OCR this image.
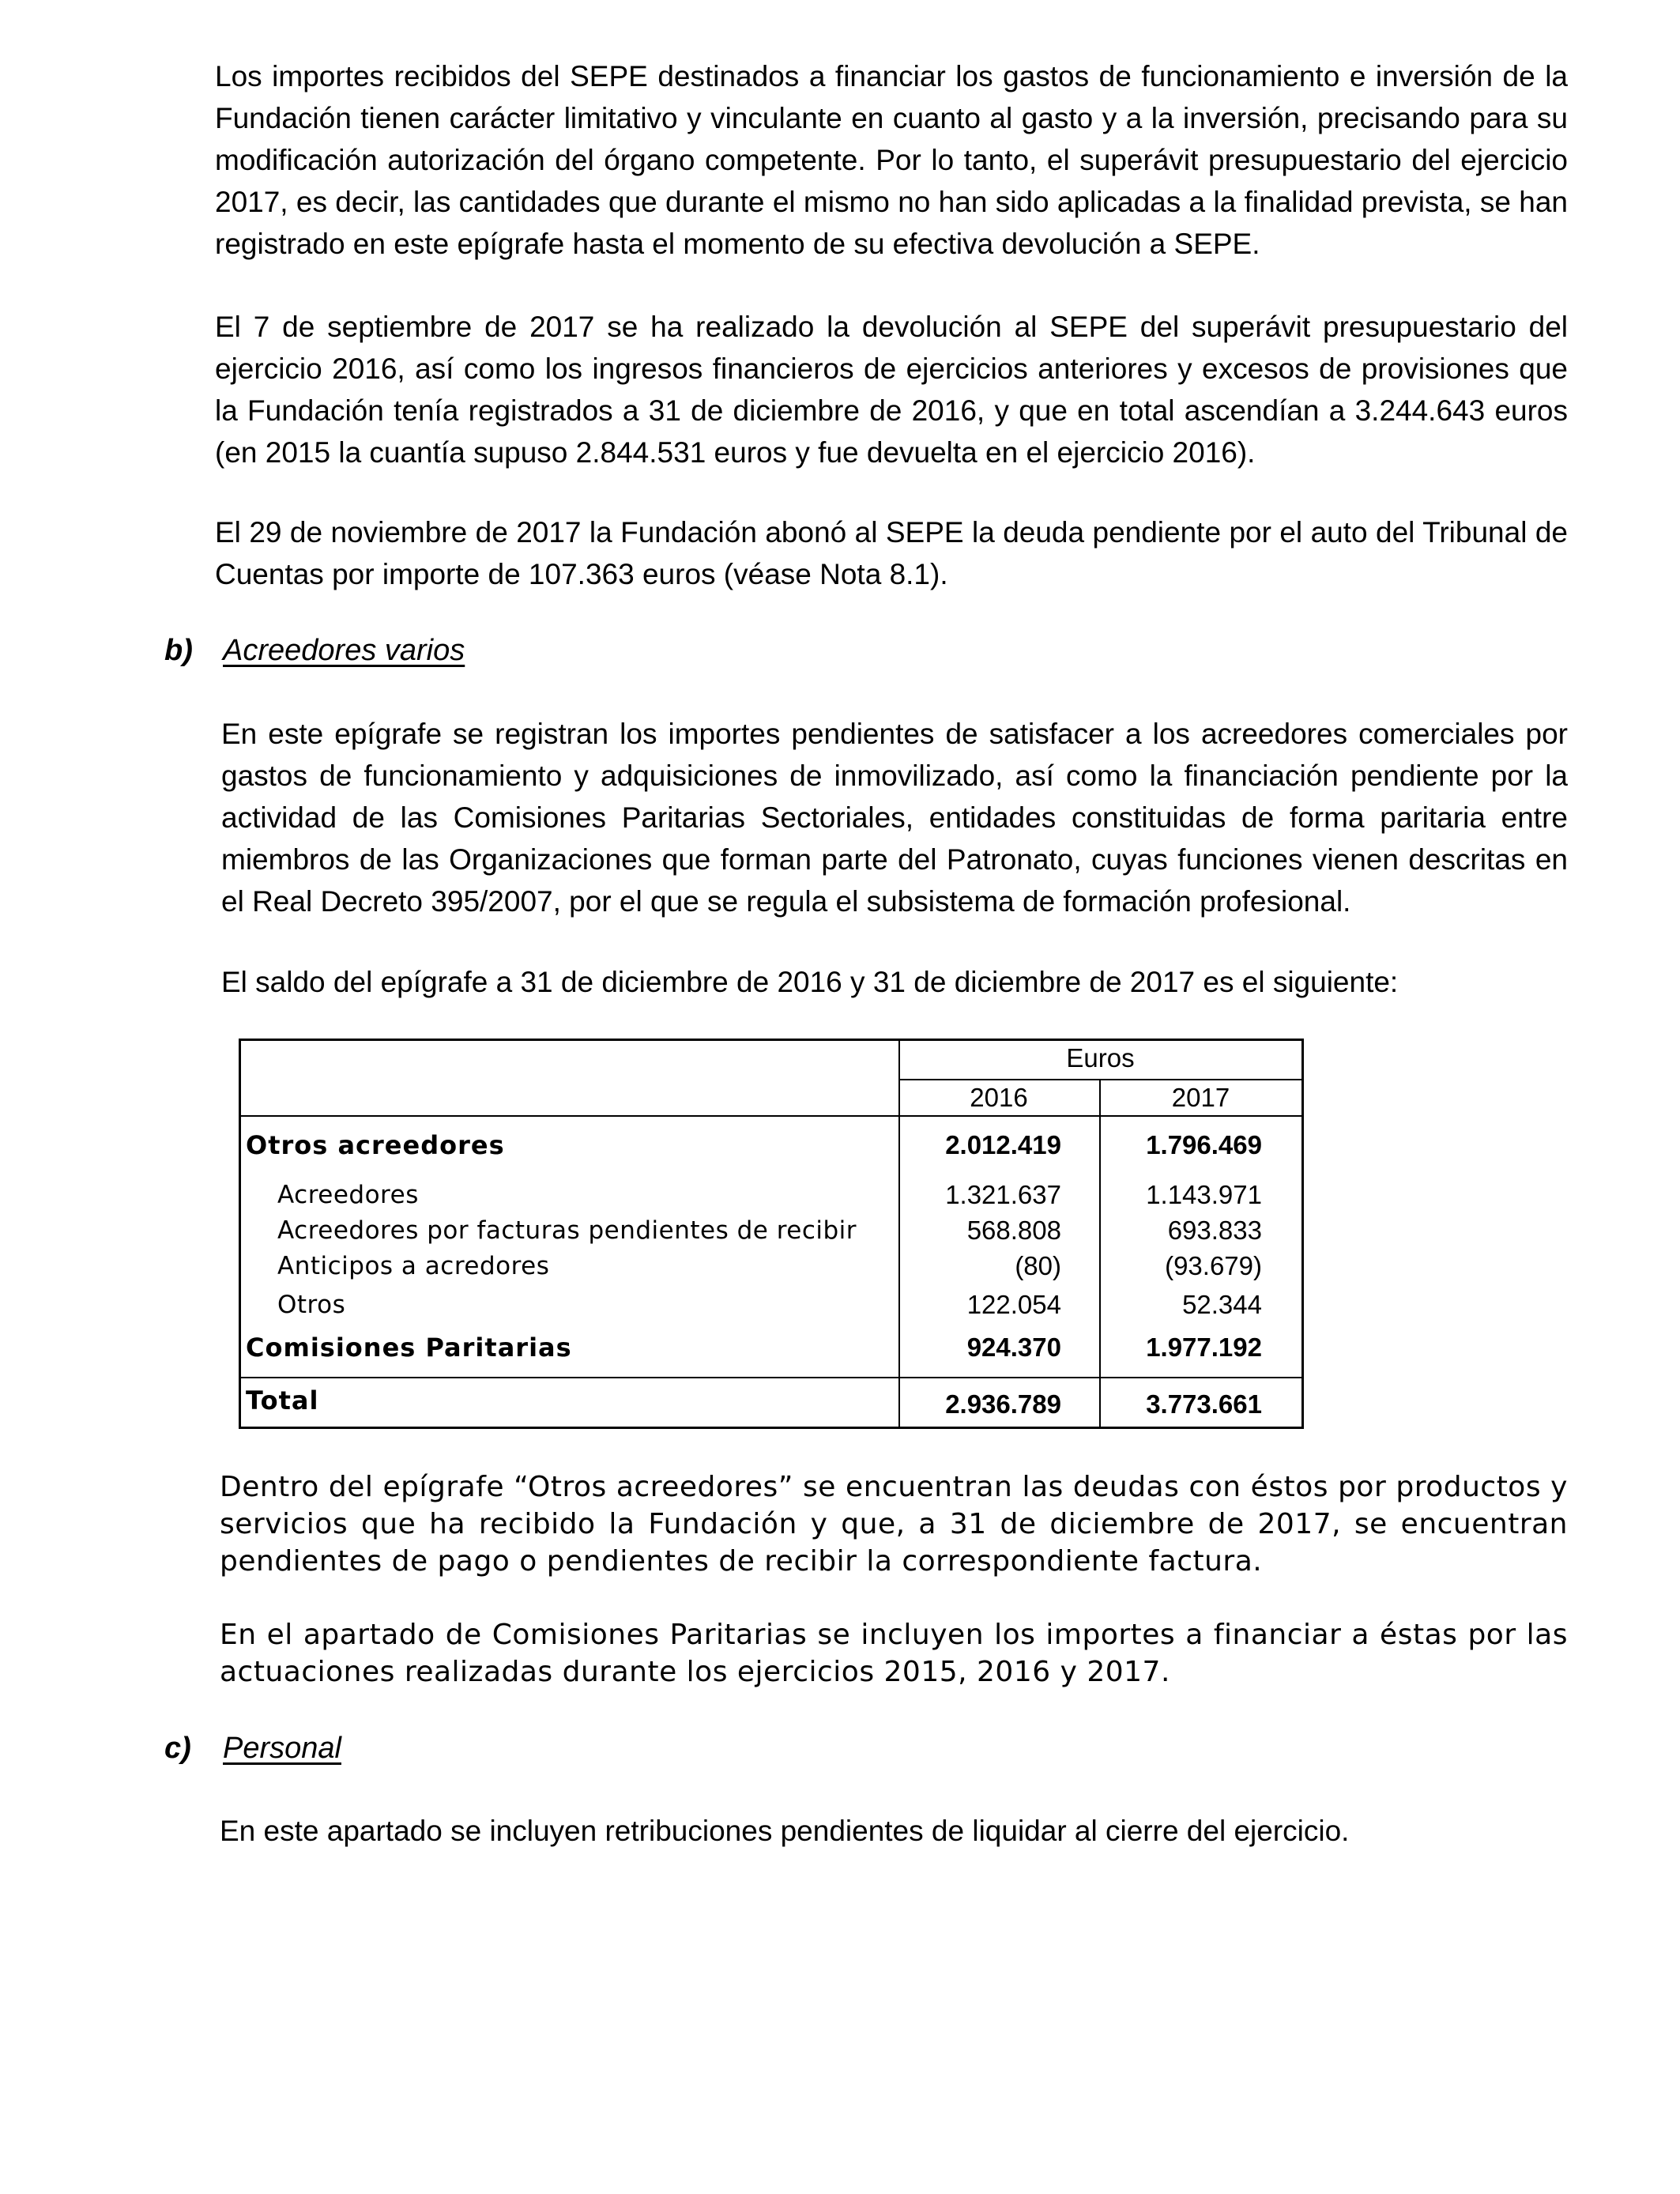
Los importes recibidos del SEPE destinados a financiar los gastos de funcionamiento e inversión de la Fundación tienen carácter limitativo y vinculante en cuanto al gasto y a la inversión, precisando para su modificación autorización del órgano competente. Por lo tanto, el superávit presupuestario del ejercicio 2017, es decir, las cantidades que durante el mismo no han sido aplicadas a la finalidad prevista, se han registrado en este epígrafe hasta el momento de su efectiva devolución a SEPE.

El 7 de septiembre de 2017 se ha realizado la devolución al SEPE del superávit presupuestario del ejercicio 2016, así como los ingresos financieros de ejercicios anteriores y excesos de provisiones que la Fundación tenía registrados a 31 de diciembre de 2016, y que en total ascendían a 3.244.643 euros (en 2015 la cuantía supuso 2.844.531 euros y fue devuelta en el ejercicio 2016).

El 29 de noviembre de 2017 la Fundación abonó al SEPE la deuda pendiente por el auto del Tribunal de Cuentas por importe de 107.363 euros (véase Nota 8.1).

b) Acreedores varios

En este epígrafe se registran los importes pendientes de satisfacer a los acreedores comerciales por gastos de funcionamiento y adquisiciones de inmovilizado, así como la financiación pendiente por la actividad de las Comisiones Paritarias Sectoriales, entidades constituidas de forma paritaria entre miembros de las Organizaciones que forman parte del Patronato, cuyas funciones vienen descritas en el Real Decreto 395/2007, por el que se regula el subsistema de formación profesional.

El saldo del epígrafe a 31 de diciembre de 2016 y 31 de diciembre de 2017 es el siguiente:

Euros
2016	2017
Otros acreedores	2.012.419	1.796.469
Acreedores	1.321.637	1.143.971
Acreedores por facturas pendientes de recibir	568.808	693.833
Anticipos a acredores	(80)	(93.679)
Otros	122.054	52.344
Comisiones Paritarias	924.370	1.977.192
Total	2.936.789	3.773.661

Dentro del epígrafe “Otros acreedores” se encuentran las deudas con éstos por productos y servicios que ha recibido la Fundación y que, a 31 de diciembre de 2017, se encuentran pendientes de pago o pendientes de recibir la correspondiente factura.

En el apartado de Comisiones Paritarias se incluyen los importes a financiar a éstas por las actuaciones realizadas durante los ejercicios 2015, 2016 y 2017.

c) Personal

En este apartado se incluyen retribuciones pendientes de liquidar al cierre del ejercicio.
